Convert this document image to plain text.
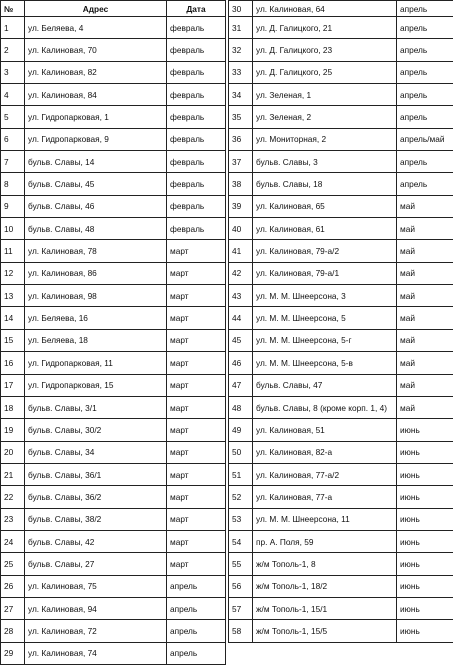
№	Адрес	Дата
1	ул. Беляева, 4	февраль
2	ул. Калиновая, 70	февраль
3	ул. Калиновая, 82	февраль
4	ул. Калиновая, 84	февраль
5	ул. Гидропарковая, 1	февраль
6	ул. Гидропарковая, 9	февраль
7	бульв. Славы, 14	февраль
8	бульв. Славы, 45	февраль
9	бульв. Славы, 46	февраль
10	бульв. Славы, 48	февраль
11	ул. Калиновая, 78	март
12	ул. Калиновая, 86	март
13	ул. Калиновая, 98	март
14	ул. Беляева, 16	март
15	ул. Беляева, 18	март
16	ул. Гидропарковая, 11	март
17	ул. Гидропарковая, 15	март
18	бульв. Славы, 3/1	март
19	бульв. Славы, 30/2	март
20	бульв. Славы, 34	март
21	бульв. Славы, 36/1	март
22	бульв. Славы, 36/2	март
23	бульв. Славы, 38/2	март
24	бульв. Славы, 42	март
25	бульв. Славы, 27	март
26	ул. Калиновая, 75	апрель
27	ул. Калиновая, 94	апрель
28	ул. Калиновая, 72	апрель
29	ул. Калиновая, 74	апрель
30	ул. Калиновая, 64	апрель
31	ул. Д. Галицкого, 21	апрель
32	ул. Д. Галицкого, 23	апрель
33	ул. Д. Галицкого, 25	апрель
34	ул. Зеленая, 1	апрель
35	ул. Зеленая, 2	апрель
36	ул. Мониторная, 2	апрель/май
37	бульв. Славы, 3	апрель
38	бульв. Славы, 18	апрель
39	ул. Калиновая, 65	май
40	ул. Калиновая, 61	май
41	ул. Калиновая, 79-а/2	май
42	ул. Калиновая, 79-а/1	май
43	ул. М. М. Шнеерсона, 3	май
44	ул. М. М. Шнеерсона, 5	май
45	ул. М. М. Шнеерсона, 5-г	май
46	ул. М. М. Шнеерсона, 5-в	май
47	бульв. Славы, 47	май
48	бульв. Славы, 8 (кроме корп. 1, 4)	май
49	ул. Калиновая, 51	июнь
50	ул. Калиновая, 82-а	июнь
51	ул. Калиновая, 77-а/2	июнь
52	ул. Калиновая, 77-а	июнь
53	ул. М. М. Шнеерсона, 11	июнь
54	пр. А. Поля, 59	июнь
55	ж/м Тополь-1, 8	июнь
56	ж/м Тополь-1, 18/2	июнь
57	ж/м Тополь-1, 15/1	июнь
58	ж/м Тополь-1, 15/5	июнь
